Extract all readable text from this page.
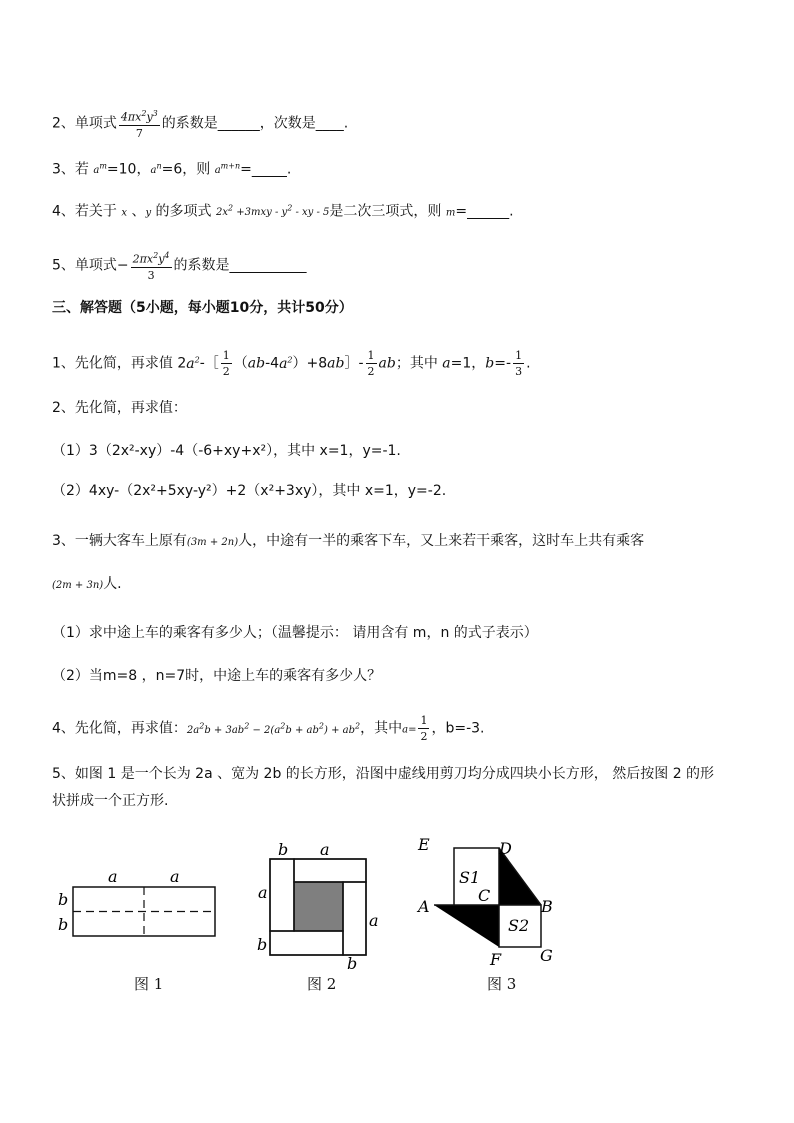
2、单项式 $\frac{4\pi x^2y^3}{7}$ 的系数是______，次数是____.
3、若 $a^m=10$，$a^n=6$，则 $a^{m+n}=\_\_\_\_\_$.
4、若关于 x 、y 的多项式 $2x^2 +3mxy - y^2$ - xy - 5是二次三项式，则 m=______.
5、单项式− $\frac{2\pi x^2y^4}{3}$ 的系数是___________
三、解答题（5小题，每小题10分，共计50分）
1、先化简，再求值 $2a^2-[ \frac{1}{2}$ $(ab-4a^2)+8ab]- \frac{1}{2}$ ab；其中 a=1，$b=- \frac{1}{3}$ .
2、先化简，再求值：
（1）3（2x²-xy）-4（-6+xy+x²），其中 x=1，y=-1.
（2）4xy-（2x²+5xy-y²）+2（x²+3xy），其中 x=1，y=-2.
3、一辆大客车上原有(3m + 2n)人，中途有一半的乘客下车，又上来若干乘客，这时车上共有乘客
(2m + 3n)人.
（1）求中途上车的乘客有多少人；（温馨提示： 请用含有 m，n 的式子表示）
（2）当m=8 ，n=7时，中途上车的乘客有多少人？
4、先化简，再求值：$2a^2b + 3ab^2 - 2(a^2b + ab^2) + ab^2$，其中$a= \frac{1}{2}$ ，b=-3.
5、如图 1 是一个长为 2a 、宽为 2b 的长方形，沿图中虚线用剪刀均分成四块小长方形， 然后按图 2 的形
状拼成一个正方形.
a	a
b
b
图 1
b a
a
a
b
b
图 2
E	D
S1
C
A	B
S2
F G
图 3
